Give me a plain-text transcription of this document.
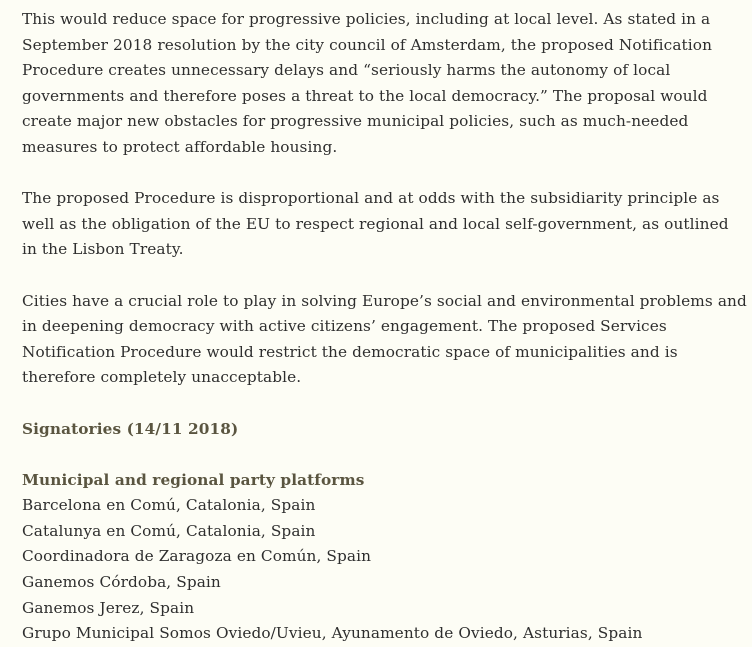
This would reduce space for progressive policies, including at local level. As stated in a September 2018 resolution by the city council of Amsterdam, the proposed Notification Procedure creates unnecessary delays and “seriously harms the autonomy of local governments and therefore poses a threat to the local democracy.” The proposal would create major new obstacles for progressive municipal policies, such as much-needed measures to protect affordable housing.

The proposed Procedure is disproportional and at odds with the subsidiarity principle as well as the obligation of the EU to respect regional and local self-government, as outlined in the Lisbon Treaty.

Cities have a crucial role to play in solving Europe’s social and environmental problems and in deepening democracy with active citizens’ engagement. The proposed Services Notification Procedure would restrict the democratic space of municipalities and is therefore completely unacceptable.

Signatories (14/11 2018)

Municipal and regional party platforms

Barcelona en Comú, Catalonia, Spain
Catalunya en Comú, Catalonia, Spain
Coordinadora de Zaragoza en Común, Spain
Ganemos Córdoba, Spain
Ganemos Jerez, Spain
Grupo Municipal Somos Oviedo/Uvieu, Ayunamento de Oviedo, Asturias, Spain
